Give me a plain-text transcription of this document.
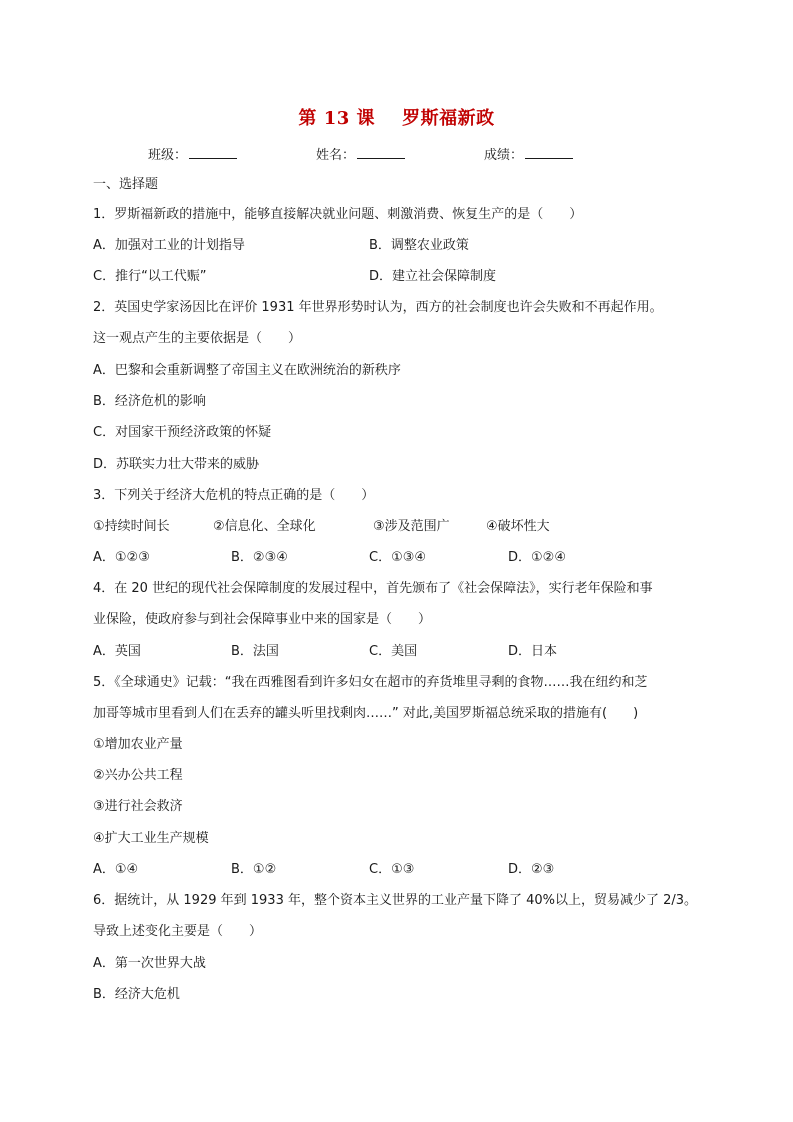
第 13 课    罗斯福新政
班级：	姓名：	成绩：
一、选择题
1．罗斯福新政的措施中，能够直接解决就业问题、刺激消费、恢复生产的是（　　）
A．加强对工业的计划指导	B．调整农业政策
C．推行“以工代赈”	D．建立社会保障制度
2．英国史学家汤因比在评价 1931 年世界形势时认为，西方的社会制度也许会失败和不再起作用。
这一观点产生的主要依据是（　　）
A．巴黎和会重新调整了帝国主义在欧洲统治的新秩序
B．经济危机的影响
C．对国家干预经济政策的怀疑
D．苏联实力壮大带来的威胁
3．下列关于经济大危机的特点正确的是（　　）
①持续时间长	②信息化、全球化	③涉及范围广	④破坏性大
A．①②③	B．②③④	C．①③④	D．①②④
4．在 20 世纪的现代社会保障制度的发展过程中，首先颁布了《社会保障法》，实行老年保险和事
业保险，使政府参与到社会保障事业中来的国家是（　　）
A．英国	B．法国	C．美国	D．日本
5．《全球通史》记载：“我在西雅图看到许多妇女在超市的弃货堆里寻剩的食物……我在纽约和芝
加哥等城市里看到人们在丢弃的罐头听里找剩肉……” 对此,美国罗斯福总统采取的措施有(　　)
①增加农业产量
②兴办公共工程
③进行社会救济
④扩大工业生产规模
A．①④	B．①②	C．①③	D．②③
6．据统计，从 1929 年到 1933 年，整个资本主义世界的工业产量下降了 40%以上，贸易减少了 2/3。
导致上述变化主要是（　　）
A．第一次世界大战
B．经济大危机
